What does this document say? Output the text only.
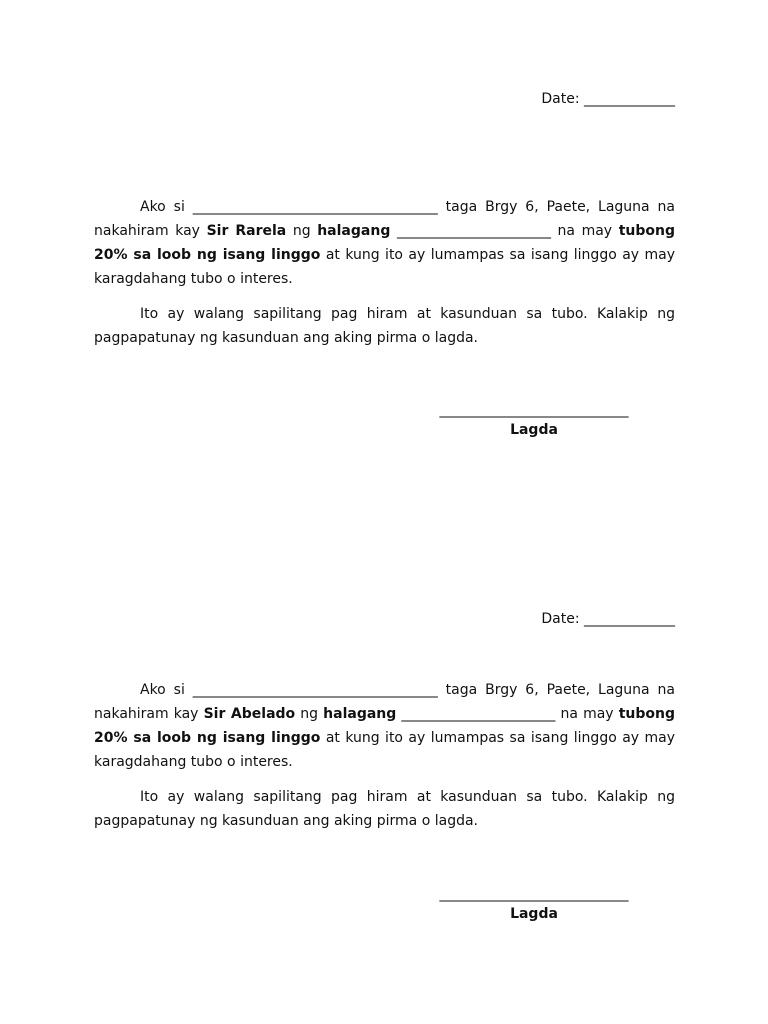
Date: _____________

Ako si ___________________________________ taga Brgy 6, Paete, Laguna na nakahiram kay Sir Rarela ng halagang ______________________ na may tubong 20% sa loob ng isang linggo at kung ito ay lumampas sa isang linggo ay may karagdahang tubo o interes.

Ito ay walang sapilitang pag hiram at kasunduan sa tubo. Kalakip ng pagpapatunay ng kasunduan ang aking pirma o lagda.

___________________________
Lagda
Date: _____________

Ako si ___________________________________ taga Brgy 6, Paete, Laguna na nakahiram kay Sir Abelado ng halagang ______________________ na may tubong 20% sa loob ng isang linggo at kung ito ay lumampas sa isang linggo ay may karagdahang tubo o interes.

Ito ay walang sapilitang pag hiram at kasunduan sa tubo. Kalakip ng pagpapatunay ng kasunduan ang aking pirma o lagda.

___________________________
Lagda
